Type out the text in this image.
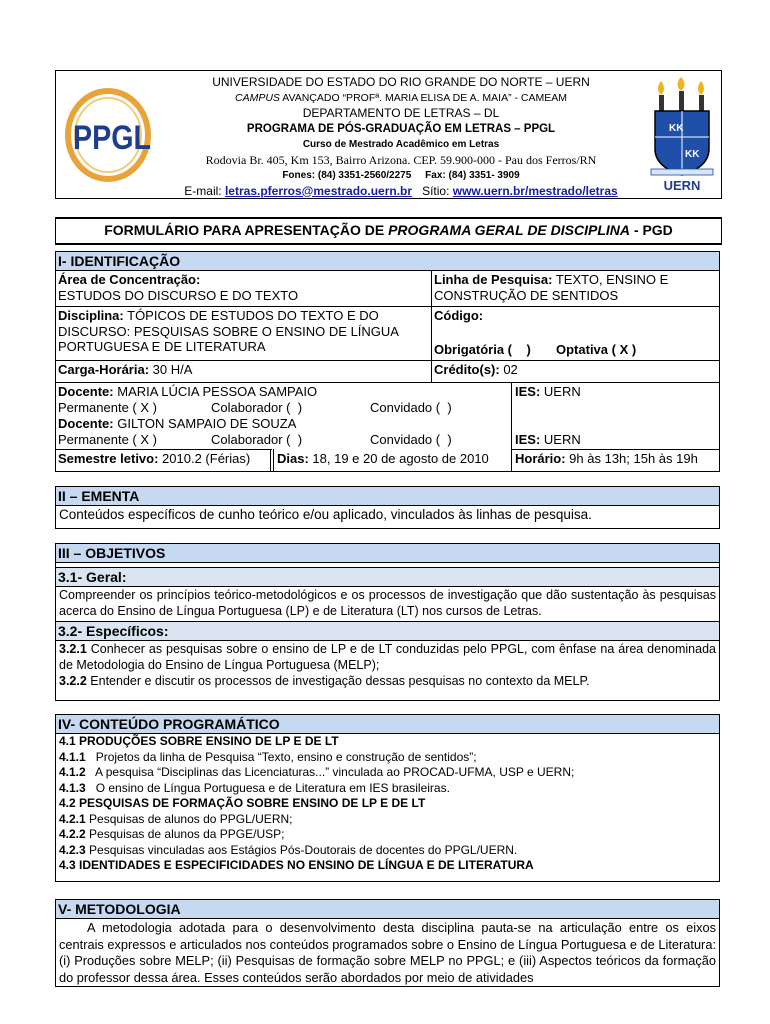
PPGL
UNIVERSIDADE DO ESTADO DO RIO GRANDE DO NORTE – UERN
CAMPUS AVANÇADO “PROFª. MARIA ELISA DE A. MAIA” - CAMEAM
DEPARTAMENTO DE LETRAS – DL
PROGRAMA DE PÓS-GRADUAÇÃO EM LETRAS – PPGL
Curso de Mestrado Acadêmico em Letras
Rodovia Br. 405, Km 153, Bairro Arizona. CEP. 59.900-000 - Pau dos Ferros/RN
Fones: (84) 3351-2560/2275     Fax: (84) 3351- 3909
E-mail: letras.pferros@mestrado.uern.br   Sítio: www.uern.br/mestrado/letras
KK
KK
UERN
FORMULÁRIO PARA APRESENTAÇÃO DE PROGRAMA GERAL DE DISCIPLINA - PGD
I- IDENTIFICAÇÃO
Área de Concentração:
ESTUDOS DO DISCURSO E DO TEXTO
Linha de Pesquisa: TEXTO, ENSINO E
CONSTRUÇÃO DE SENTIDOS
Disciplina: TÓPICOS DE ESTUDOS DO TEXTO E DO
DISCURSO: PESQUISAS SOBRE O ENSINO DE LÍNGUA
PORTUGUESA E DE LITERATURA
Código:
Obrigatória (    )	Optativa ( X )
Carga-Horária: 30 H/A	Crédito(s): 02
Docente: MARIA LÚCIA PESSOA SAMPAIO
Permanente ( X )	Colaborador (  )	Convidado (  )
IES: UERN
Docente: GILTON SAMPAIO DE SOUZA
Permanente ( X )	Colaborador (  )	Convidado (  )	IES: UERN
Semestre letivo: 2010.2 (Férias)	Dias: 18, 19 e 20 de agosto de 2010	Horário: 9h às 13h; 15h às 19h
II – EMENTA
Conteúdos específicos de cunho teórico e/ou aplicado, vinculados às linhas de pesquisa.
III – OBJETIVOS
3.1- Geral:
Compreender os princípios teórico-metodológicos e os processos de investigação que dão sustentação às pesquisas acerca do Ensino de Língua Portuguesa (LP) e de Literatura (LT) nos cursos de Letras.
3.2- Específicos:
3.2.1 Conhecer as pesquisas sobre o ensino de LP e de LT conduzidas pelo PPGL, com ênfase na área denominada de Metodologia do Ensino de Língua Portuguesa (MELP);
3.2.2 Entender e discutir os processos de investigação dessas pesquisas no contexto da MELP.
IV- CONTEÚDO PROGRAMÁTICO
4.1 PRODUÇÕES SOBRE ENSINO DE LP E DE LT
4.1.1   Projetos da linha de Pesquisa “Texto, ensino e construção de sentidos”;
4.1.2   A pesquisa “Disciplinas das Licenciaturas...” vinculada ao PROCAD-UFMA, USP e UERN;
4.1.3   O ensino de Língua Portuguesa e de Literatura em IES brasileiras.
4.2 PESQUISAS DE FORMAÇÃO SOBRE ENSINO DE LP E DE LT
4.2.1 Pesquisas de alunos do PPGL/UERN;
4.2.2 Pesquisas de alunos da PPGE/USP;
4.2.3 Pesquisas vinculadas aos Estágios Pós-Doutorais de docentes do PPGL/UERN.
4.3 IDENTIDADES E ESPECIFICIDADES NO ENSINO DE LÍNGUA E DE LITERATURA
V- METODOLOGIA
A metodologia adotada para o desenvolvimento desta disciplina pauta-se na articulação entre os eixos centrais expressos e articulados nos conteúdos programados sobre o Ensino de Língua Portuguesa e de Literatura: (i) Produções sobre MELP; (ii) Pesquisas de formação sobre MELP no PPGL; e (iii) Aspectos teóricos da formação do professor dessa área. Esses conteúdos serão abordados por meio de atividades
